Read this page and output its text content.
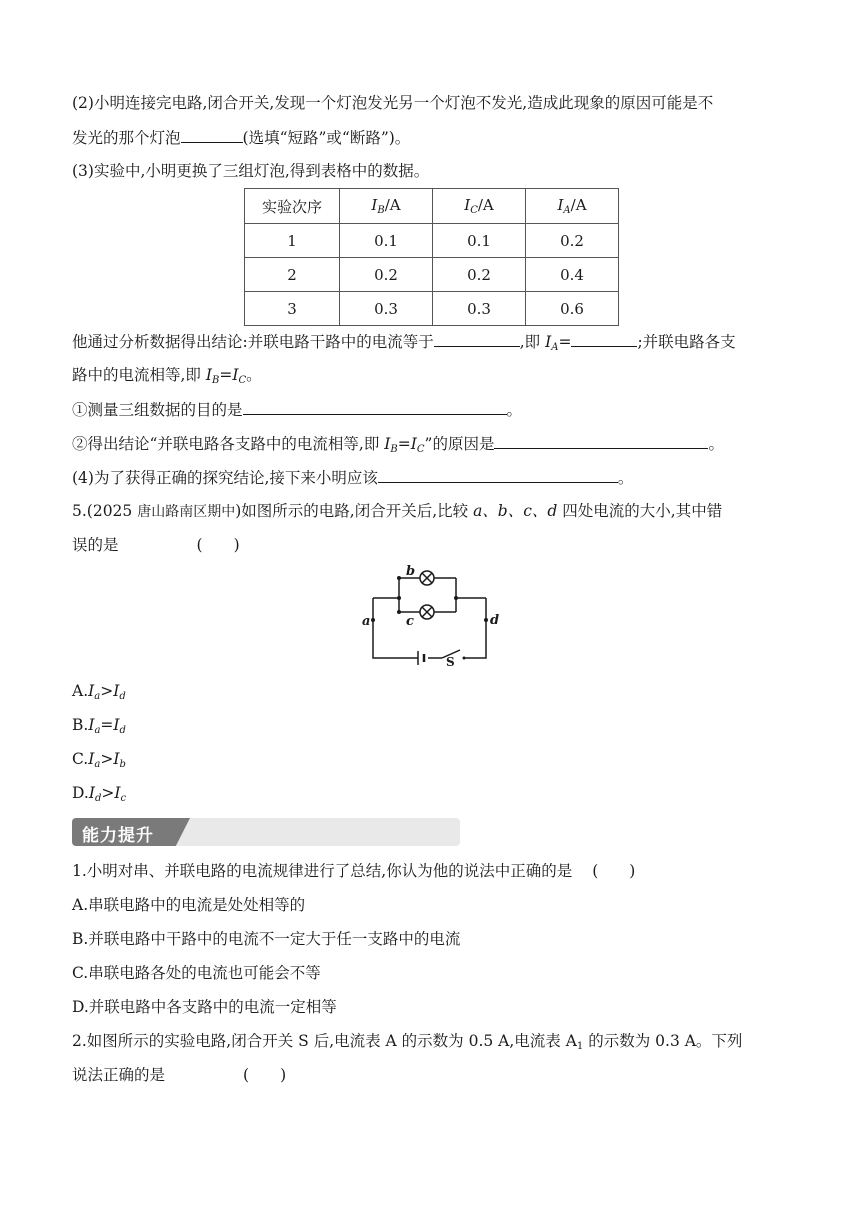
(2)小明连接完电路,闭合开关,发现一个灯泡发光另一个灯泡不发光,造成此现象的原因可能是不
发光的那个灯泡	(选填“短路”或“断路”)。
(3)实验中,小明更换了三组灯泡,得到表格中的数据。
实验次序	$I_B/A$	$I_C/A$	$I_A/A$
1	0.1	0.1	0.2
2	0.2	0.2	0.4
3	0.3	0.3	0.6
他通过分析数据得出结论:并联电路干路中的电流等于	,即 $I_A=$	;并联电路各支
路中的电流相等,即 $I_B=I_C$。
①测量三组数据的目的是	。
②得出结论“并联电路各支路中的电流相等,即 $I_B=I_C$”的原因是	。
(4)为了获得正确的探究结论,接下来小明应该	。
5.(2025 唐山路南区期中)如图所示的电路,闭合开关后,比较 a、b、c、d 四处电流的大小,其中错
误的是	(　　)
b
c
a	d
S
$A.I_a>I_d$
$B.I_a=I_d$
$C.I_a>I_b$
$D.I_d>I_c$
能力提升
1.小明对串、并联电路的电流规律进行了总结,你认为他的说法中正确的是 (　　)
A.串联电路中的电流是处处相等的
B.并联电路中干路中的电流不一定大于任一支路中的电流
C.串联电路各处的电流也可能会不等
D.并联电路中各支路中的电流一定相等
2.如图所示的实验电路,闭合开关 S 后,电流表 A 的示数为 0.5 A,电流表 $A_1$ 的示数为 0.3 A。下列
说法正确的是	(　　)
